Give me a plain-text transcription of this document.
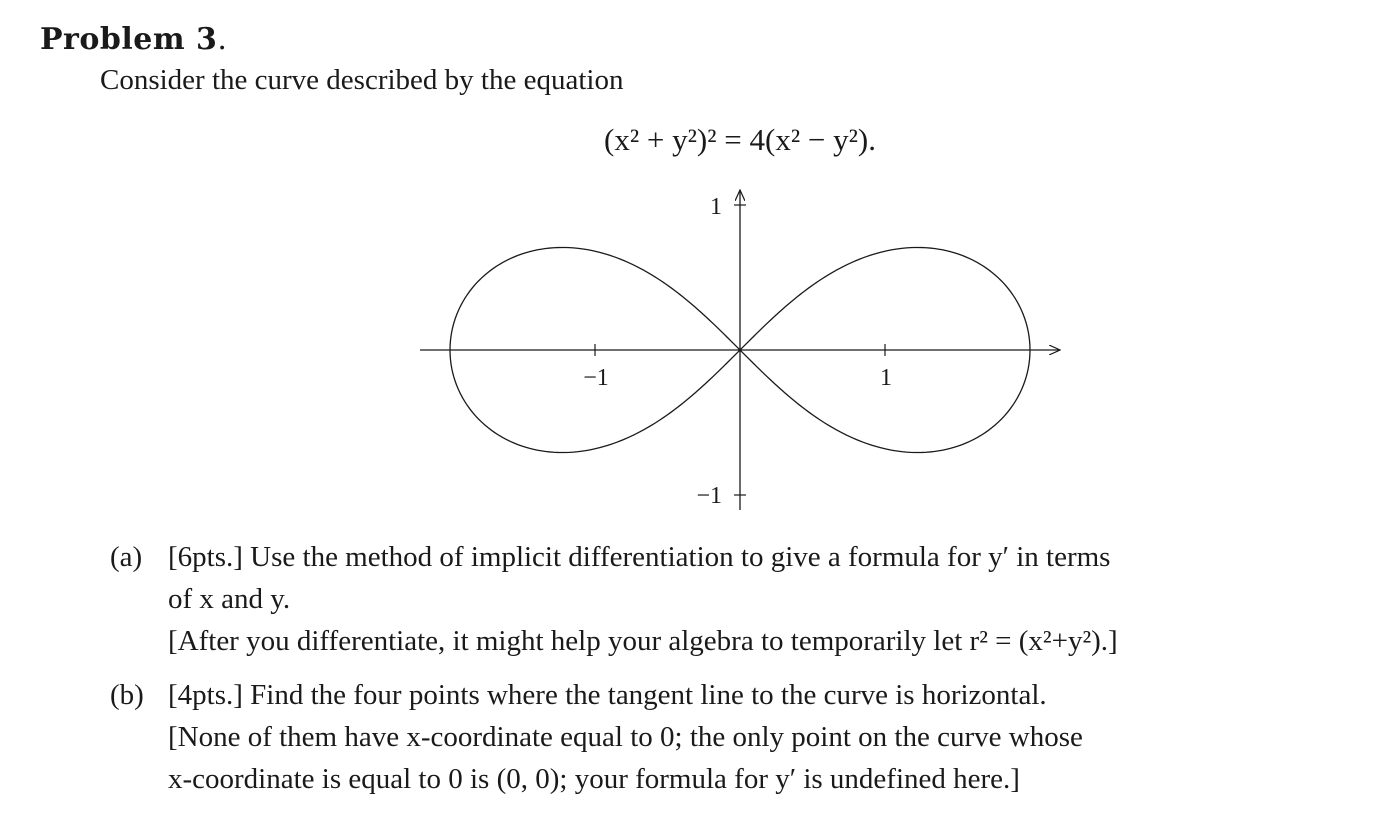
Problem 3.
Consider the curve described by the equation
(x² + y²)² = 4(x² − y²).
−1	1
1
−1
(a) [6pts.] Use the method of implicit differentiation to give a formula for y′ in terms
of x and y.
[After you differentiate, it might help your algebra to temporarily let r² = (x²+y²).]
(b) [4pts.] Find the four points where the tangent line to the curve is horizontal.
[None of them have x-coordinate equal to 0; the only point on the curve whose
x-coordinate is equal to 0 is (0, 0); your formula for y′ is undefined here.]
